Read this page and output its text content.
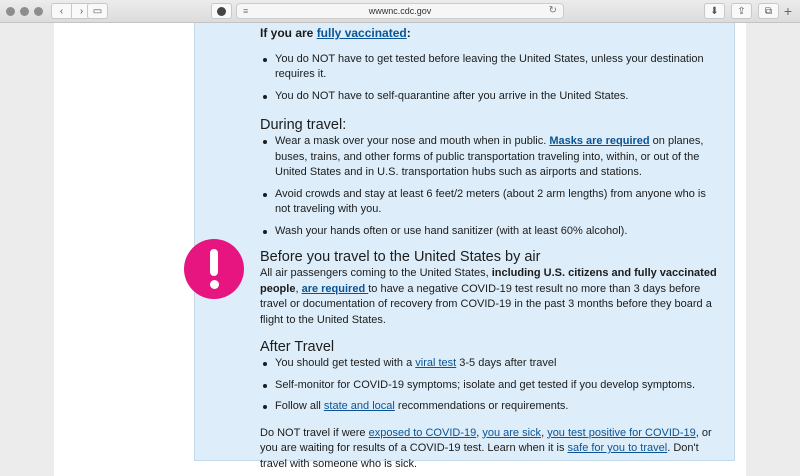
‹ › ▭	≡	wwwnc.cdc.gov	↻	⬇ ⇪ ⧉ +
If you are fully vaccinated:
You do NOT have to get tested before leaving the United States, unless your destination requires it.
You do NOT have to self-quarantine after you arrive in the United States.
During travel:
Wear a mask over your nose and mouth when in public. Masks are required on planes, buses, trains, and other forms of public transportation traveling into, within, or out of the United States and in U.S. transportation hubs such as airports and stations.
Avoid crowds and stay at least 6 feet/2 meters (about 2 arm lengths) from anyone who is not traveling with you.
Wash your hands often or use hand sanitizer (with at least 60% alcohol).
Before you travel to the United States by air

All air passengers coming to the United States, including U.S. citizens and fully vaccinated people, are required to have a negative COVID-19 test result no more than 3 days before travel or documentation of recovery from COVID-19 in the past 3 months before they board a flight to the United States.

After Travel
You should get tested with a viral test 3-5 days after travel
Self-monitor for COVID-19 symptoms; isolate and get tested if you develop symptoms.
Follow all state and local recommendations or requirements.

Do NOT travel if were exposed to COVID-19, you are sick, you test positive for COVID-19, or you are waiting for results of a COVID-19 test. Learn when it is safe for you to travel. Don't travel with someone who is sick.
